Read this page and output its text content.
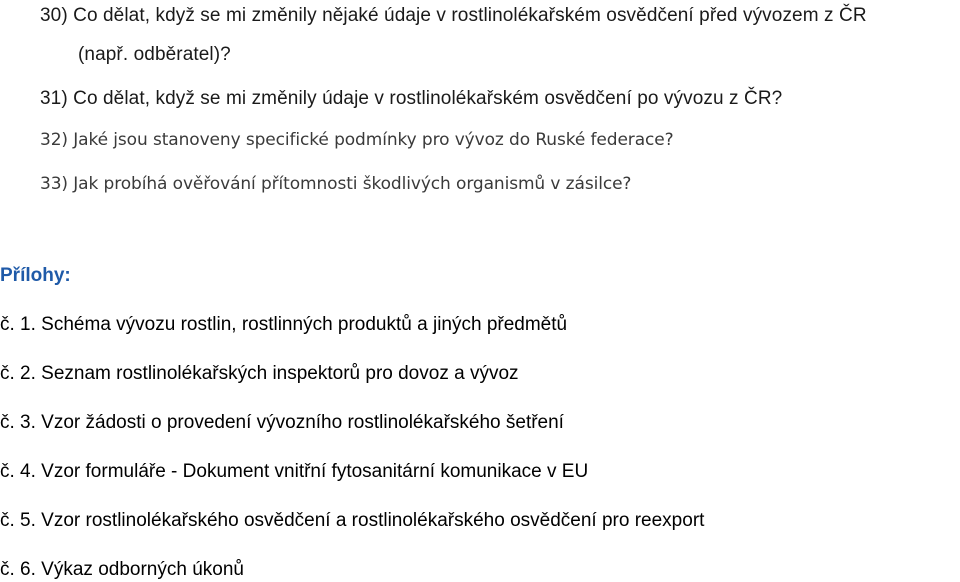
30) Co dělat, když se mi změnily nějaké údaje v rostlinolékařském osvědčení před vývozem z ČR
(např. odběratel)?
31) Co dělat, když se mi změnily údaje v rostlinolékařském osvědčení po vývozu z ČR?
32) Jaké jsou stanoveny specifické podmínky pro vývoz do Ruské federace?
33) Jak probíhá ověřování přítomnosti škodlivých organismů v zásilce?
Přílohy:
č. 1. Schéma vývozu rostlin, rostlinných produktů a jiných předmětů
č. 2. Seznam rostlinolékařských inspektorů pro dovoz a vývoz
č. 3. Vzor žádosti o provedení vývozního rostlinolékařského šetření
č. 4. Vzor formuláře - Dokument vnitřní fytosanitární komunikace v EU
č. 5. Vzor rostlinolékařského osvědčení a rostlinolékařského osvědčení pro reexport
č. 6. Výkaz odborných úkonů
